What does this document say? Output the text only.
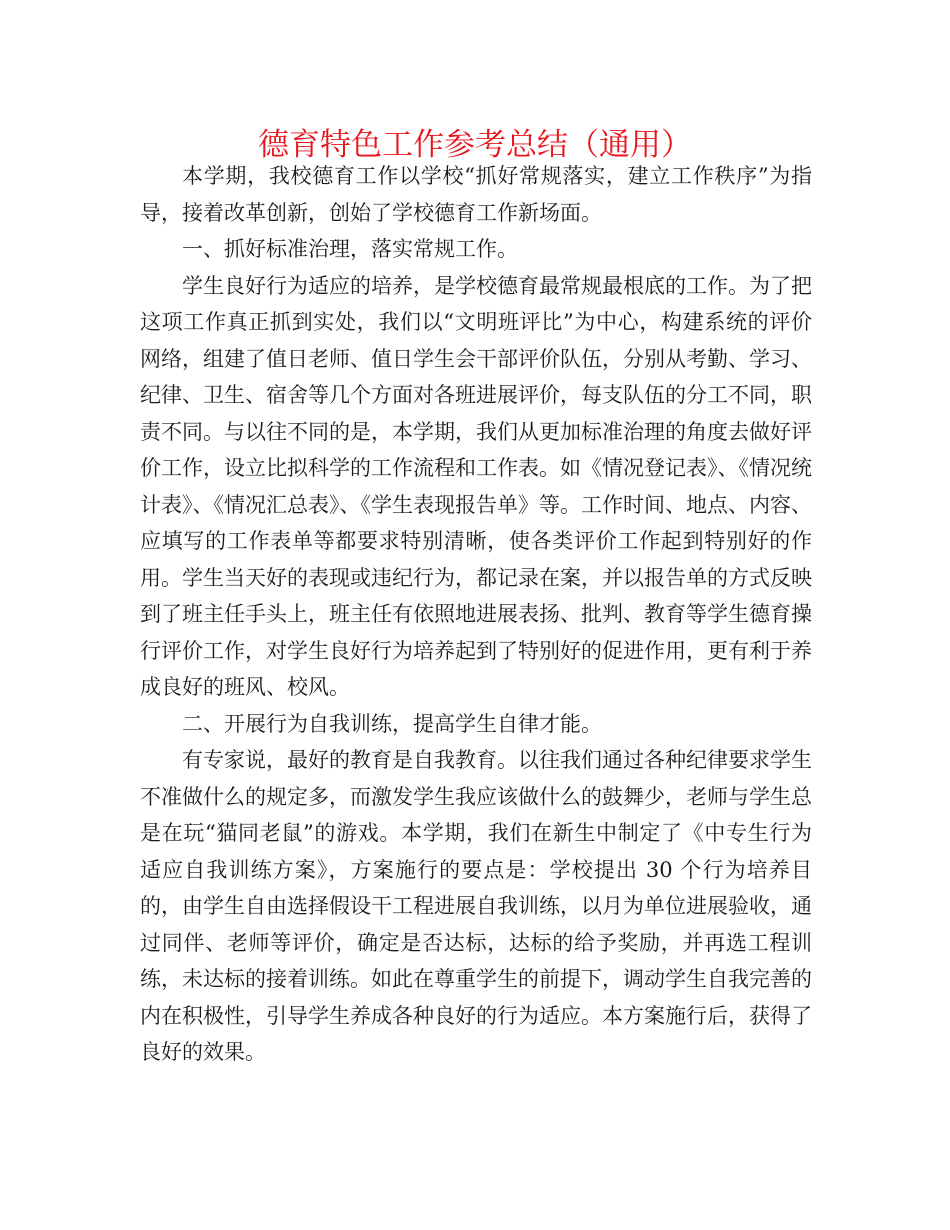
德育特色工作参考总结（通用）

本学期，我校德育工作以学校“抓好常规落实，建立工作秩序”为指导，接着改革创新，创始了学校德育工作新场面。

一、抓好标准治理，落实常规工作。

学生良好行为适应的培养，是学校德育最常规最根底的工作。为了把这项工作真正抓到实处，我们以“文明班评比”为中心，构建系统的评价网络，组建了值日老师、值日学生会干部评价队伍，分别从考勤、学习、纪律、卫生、宿舍等几个方面对各班进展评价，每支队伍的分工不同，职责不同。与以往不同的是，本学期，我们从更加标准治理的角度去做好评价工作，设立比拟科学的工作流程和工作表。如《情况登记表》、《情况统计表》、《情况汇总表》、《学生表现报告单》等。工作时间、地点、内容、应填写的工作表单等都要求特别清晰，使各类评价工作起到特别好的作用。学生当天好的表现或违纪行为，都记录在案，并以报告单的方式反映到了班主任手头上，班主任有依照地进展表扬、批判、教育等学生德育操行评价工作，对学生良好行为培养起到了特别好的促进作用，更有利于养成良好的班风、校风。

二、开展行为自我训练，提高学生自律才能。

有专家说，最好的教育是自我教育。以往我们通过各种纪律要求学生不准做什么的规定多，而激发学生我应该做什么的鼓舞少，老师与学生总是在玩“猫同老鼠”的游戏。本学期，我们在新生中制定了《中专生行为适应自我训练方案》，方案施行的要点是：学校提出 30 个行为培养目的，由学生自由选择假设干工程进展自我训练，以月为单位进展验收，通过同伴、老师等评价，确定是否达标，达标的给予奖励，并再选工程训练，未达标的接着训练。如此在尊重学生的前提下，调动学生自我完善的内在积极性，引导学生养成各种良好的行为适应。本方案施行后，获得了良好的效果。
